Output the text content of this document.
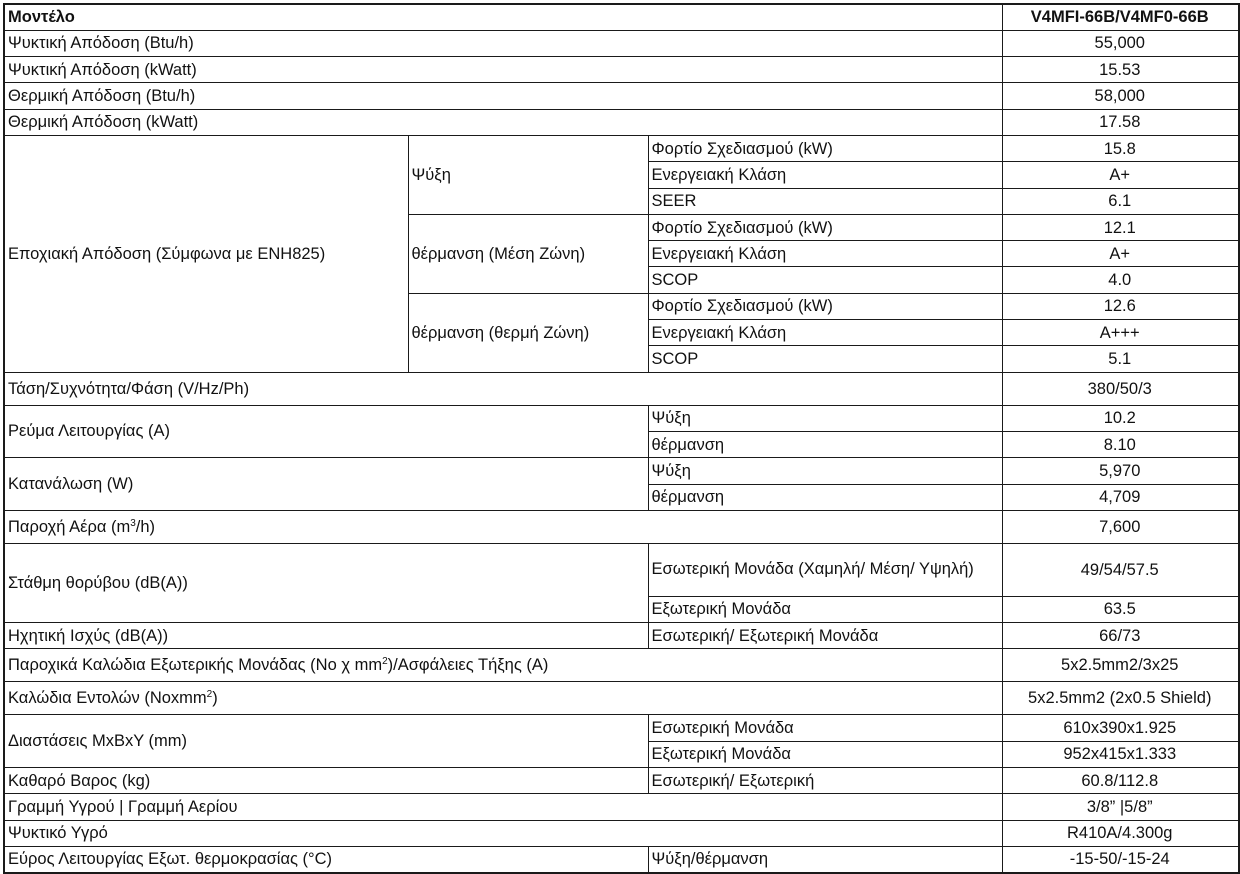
Μοντέλο			V4MFI-66B/V4MF0-66B
Ψυκτική Απόδοση (Btu/h)			55,000
Ψυκτική Απόδοση (kWatt)			15.53
Θερμική Απόδοση (Btu/h)			58,000
Θερμική Απόδοση (kWatt)			17.58
Εποχιακή Απόδοση (Σύμφωνα με ENH825)	Ψύξη	Φορτίο Σχεδιασμού (kW)	15.8
		Ενεργειακή Κλάση	A+
		SEER	6.1
	θέρμανση (Μέση Ζώνη)	Φορτίο Σχεδιασμού (kW)	12.1
		Ενεργειακή Κλάση	A+
		SCOP	4.0
	θέρμανση (θερμή Ζώνη)	Φορτίο Σχεδιασμού (kW)	12.6
		Ενεργειακή Κλάση	A+++
		SCOP	5.1
Τάση/Συχνότητα/Φάση (V/Hz/Ph)			380/50/3
Ρεύμα Λειτουργίας (A)		Ψύξη	10.2
		θέρμανση	8.10
Κατανάλωση (W)		Ψύξη	5,970
		θέρμανση	4,709
Παροχή Αέρα $(m^3/h)$			7,600
Στάθμη θορύβου (dB(A))		Εσωτερική Μονάδα (Χαμηλή/ Μέση/ Υψηλή)	49/54/57.5
		Εξωτερική Μονάδα	63.5
Ηχητική Ισχύς (dB(A))		Εσωτερική/ Εξωτερική Μονάδα	66/73
Παροχικά Καλώδια Εξωτερικής Μονάδας (Νο χ $mm^2$)/Ασφάλειες Τήξης (A)			5x2.5mm2/3x25
Καλώδια Εντολών (Noxmm$^2$)			5x2.5mm2 (2x0.5 Shield)
Διαστάσεις ΜxΒxΥ (mm)		Εσωτερική Μονάδα	610x390x1.925
		Εξωτερική Μονάδα	952x415x1.333
Καθαρό Βαρος (kg)		Εσωτερική/ Εξωτερική	60.8/112.8
Γραμμή Υγρού | Γραμμή Αερίου			3/8” |5/8”
Ψυκτικό Υγρό			R410A/4.300g
Εύρος Λειτουργίας Εξωτ. θερμοκρασίας (°C)		Ψύξη/θέρμανση	-15-50/-15-24
